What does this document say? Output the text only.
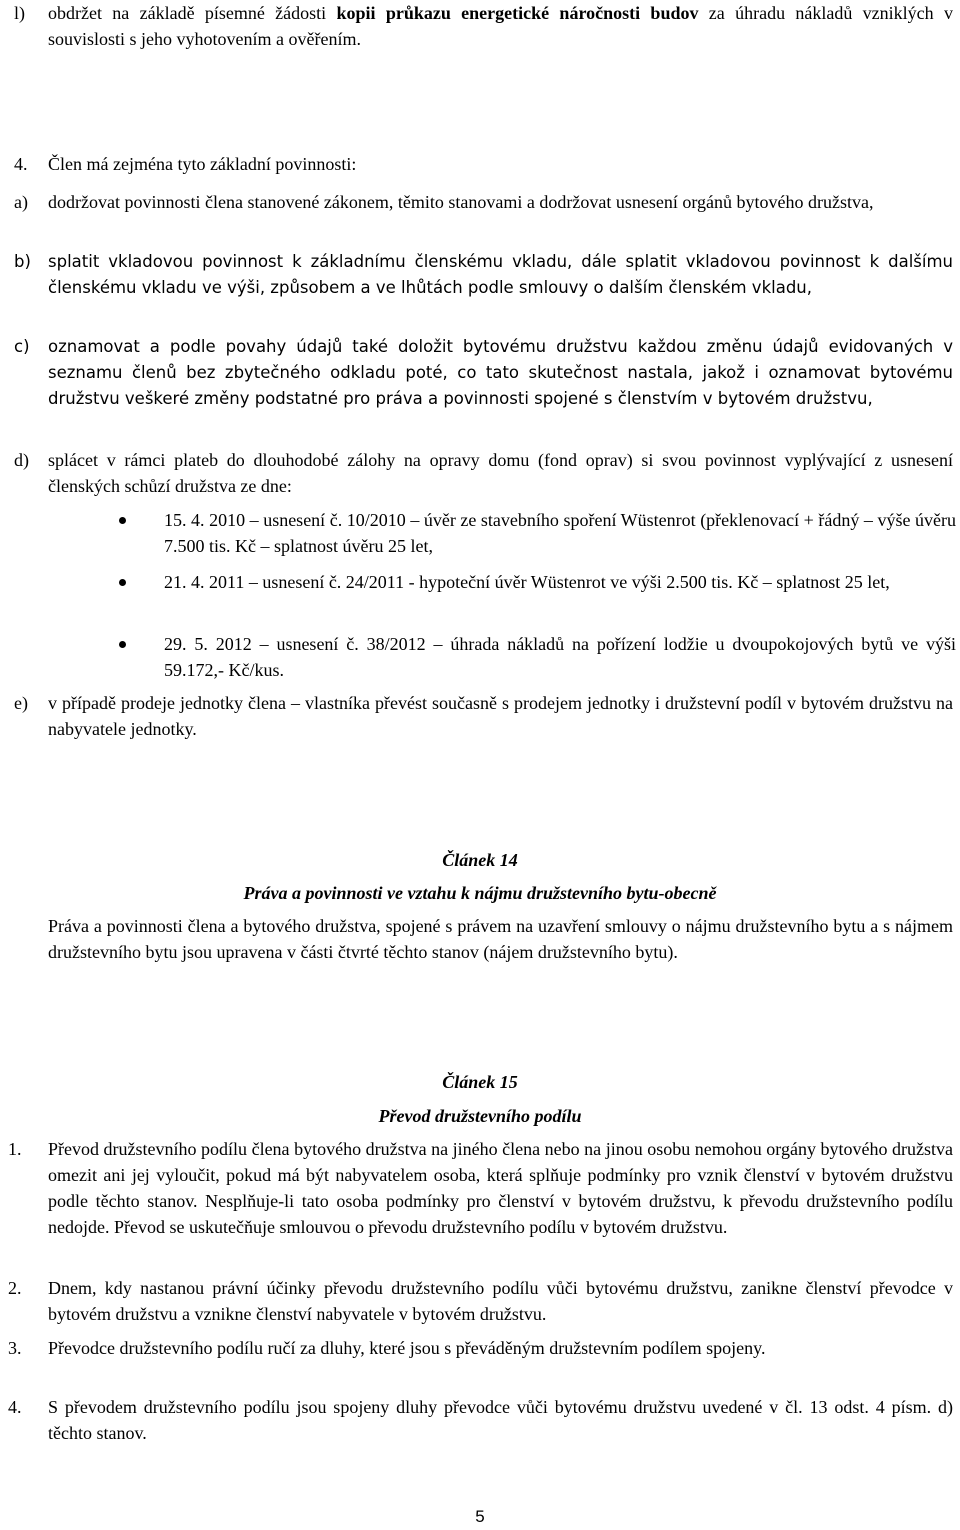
l) obdržet na základě písemné žádosti kopii průkazu energetické náročnosti budov za úhradu nákladů vzniklých v souvislosti s jeho vyhotovením a ověřením.
4. Člen má zejména tyto základní povinnosti:
a) dodržovat povinnosti člena stanovené zákonem, těmito stanovami a dodržovat usnesení orgánů bytového družstva,
b) splatit vkladovou povinnost k základnímu členskému vkladu, dále splatit vkladovou povinnost k dalšímu členskému vkladu ve výši, způsobem a ve lhůtách podle smlouvy o dalším členském vkladu,
c) oznamovat a podle povahy údajů také doložit bytovému družstvu každou změnu údajů evidovaných v seznamu členů bez zbytečného odkladu poté, co tato skutečnost nastala, jakož i oznamovat bytovému družstvu veškeré změny podstatné pro práva a povinnosti spojené s členstvím v bytovém družstvu,
d) splácet v rámci plateb do dlouhodobé zálohy na opravy domu (fond oprav) si svou povinnost vyplývající z usnesení členských schůzí družstva ze dne:
15. 4. 2010 – usnesení č. 10/2010 – úvěr ze stavebního spoření Wüstenrot (překlenovací + řádný – výše úvěru 7.500 tis. Kč – splatnost úvěru 25 let,
21. 4. 2011 – usnesení č. 24/2011 - hypoteční úvěr Wüstenrot ve výši 2.500 tis. Kč – splatnost 25 let,
29. 5. 2012 – usnesení č. 38/2012 – úhrada nákladů na pořízení lodžie u dvoupokojových bytů ve výši 59.172,- Kč/kus.
e) v případě prodeje jednotky člena – vlastníka převést současně s prodejem jednotky i družstevní podíl v bytovém družstvu na nabyvatele jednotky.
Článek 14
Práva a povinnosti ve vztahu k nájmu družstevního bytu-obecně
Práva a povinnosti člena a bytového družstva, spojené s právem na uzavření smlouvy o nájmu družstevního bytu a s nájmem družstevního bytu jsou upravena v části čtvrté těchto stanov (nájem družstevního bytu).
Článek 15
Převod družstevního podílu
1. Převod družstevního podílu člena bytového družstva na jiného člena nebo na jinou osobu nemohou orgány bytového družstva omezit ani jej vyloučit, pokud má být nabyvatelem osoba, která splňuje podmínky pro vznik členství v bytovém družstvu podle těchto stanov. Nesplňuje-li tato osoba podmínky pro členství v bytovém družstvu, k převodu družstevního podílu nedojde. Převod se uskutečňuje smlouvou o převodu družstevního podílu v bytovém družstvu.
2. Dnem, kdy nastanou právní účinky převodu družstevního podílu vůči bytovému družstvu, zanikne členství převodce v bytovém družstvu a vznikne členství nabyvatele v bytovém družstvu.
3. Převodce družstevního podílu ručí za dluhy, které jsou s převáděným družstevním podílem spojeny.
4. S převodem družstevního podílu jsou spojeny dluhy převodce vůči bytovému družstvu uvedené v čl. 13 odst. 4 písm. d) těchto stanov.
5
